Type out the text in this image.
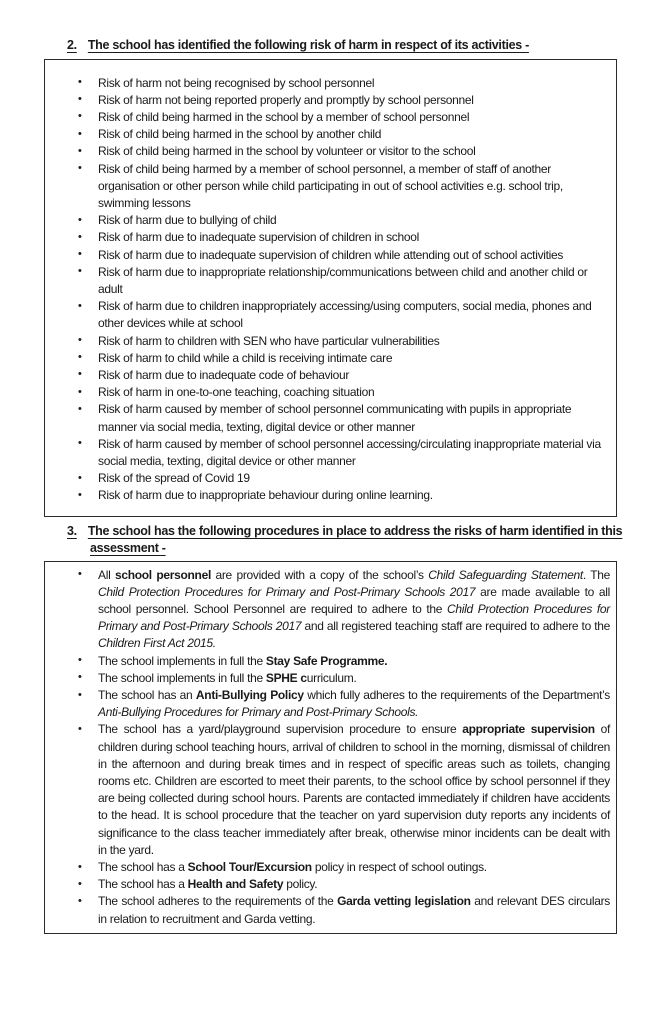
2. The school has identified the following risk of harm in respect of its activities -
• Risk of harm not being recognised by school personnel
• Risk of harm not being reported properly and promptly by school personnel
• Risk of child being harmed in the school by a member of school personnel
• Risk of child being harmed in the school by another child
• Risk of child being harmed in the school by volunteer or visitor to the school
• Risk of child being harmed by a member of school personnel, a member of staff of another organisation or other person while child participating in out of school activities e.g. school trip, swimming lessons
• Risk of harm due to bullying of child
• Risk of harm due to inadequate supervision of children in school
• Risk of harm due to inadequate supervision of children while attending out of school activities
• Risk of harm due to inappropriate relationship/communications between child and another child or adult
• Risk of harm due to children inappropriately accessing/using computers, social media, phones and other devices while at school
• Risk of harm to children with SEN who have particular vulnerabilities
• Risk of harm to child while a child is receiving intimate care
• Risk of harm due to inadequate code of behaviour
• Risk of harm in one-to-one teaching, coaching situation
• Risk of harm caused by member of school personnel communicating with pupils in appropriate manner via social media, texting, digital device or other manner
• Risk of harm caused by member of school personnel accessing/circulating inappropriate material via social media, texting, digital device or other manner
• Risk of the spread of Covid 19
• Risk of harm due to inappropriate behaviour during online learning.
3. The school has the following procedures in place to address the risks of harm identified in this assessment -
•	All school personnel are provided with a copy of the school’s Child Safeguarding Statement. The Child Protection Procedures for Primary and Post-Primary Schools 2017 are made available to all school personnel. School Personnel are required to adhere to the Child Protection Procedures for Primary and Post-Primary Schools 2017 and all registered teaching staff are required to adhere to the Children First Act 2015.
• The school implements in full the Stay Safe Programme.
• The school implements in full the SPHE curriculum.
• The school has an Anti-Bullying Policy which fully adheres to the requirements of the Department’s Anti-Bullying Procedures for Primary and Post-Primary Schools.
• The school has a yard/playground supervision procedure to ensure appropriate supervision of children during school teaching hours, arrival of children to school in the morning, dismissal of children in the afternoon and during break times and in respect of specific areas such as toilets, changing rooms etc. Children are escorted to meet their parents, to the school office by school personnel if they are being collected during school hours. Parents are contacted immediately if children have accidents to the head. It is school procedure that the teacher on yard supervision duty reports any incidents of significance to the class teacher immediately after break, otherwise minor incidents can be dealt with in the yard.
• The school has a School Tour/Excursion policy in respect of school outings.
• The school has a Health and Safety policy.
• The school adheres to the requirements of the Garda vetting legislation and relevant DES circulars in relation to recruitment and Garda vetting.
